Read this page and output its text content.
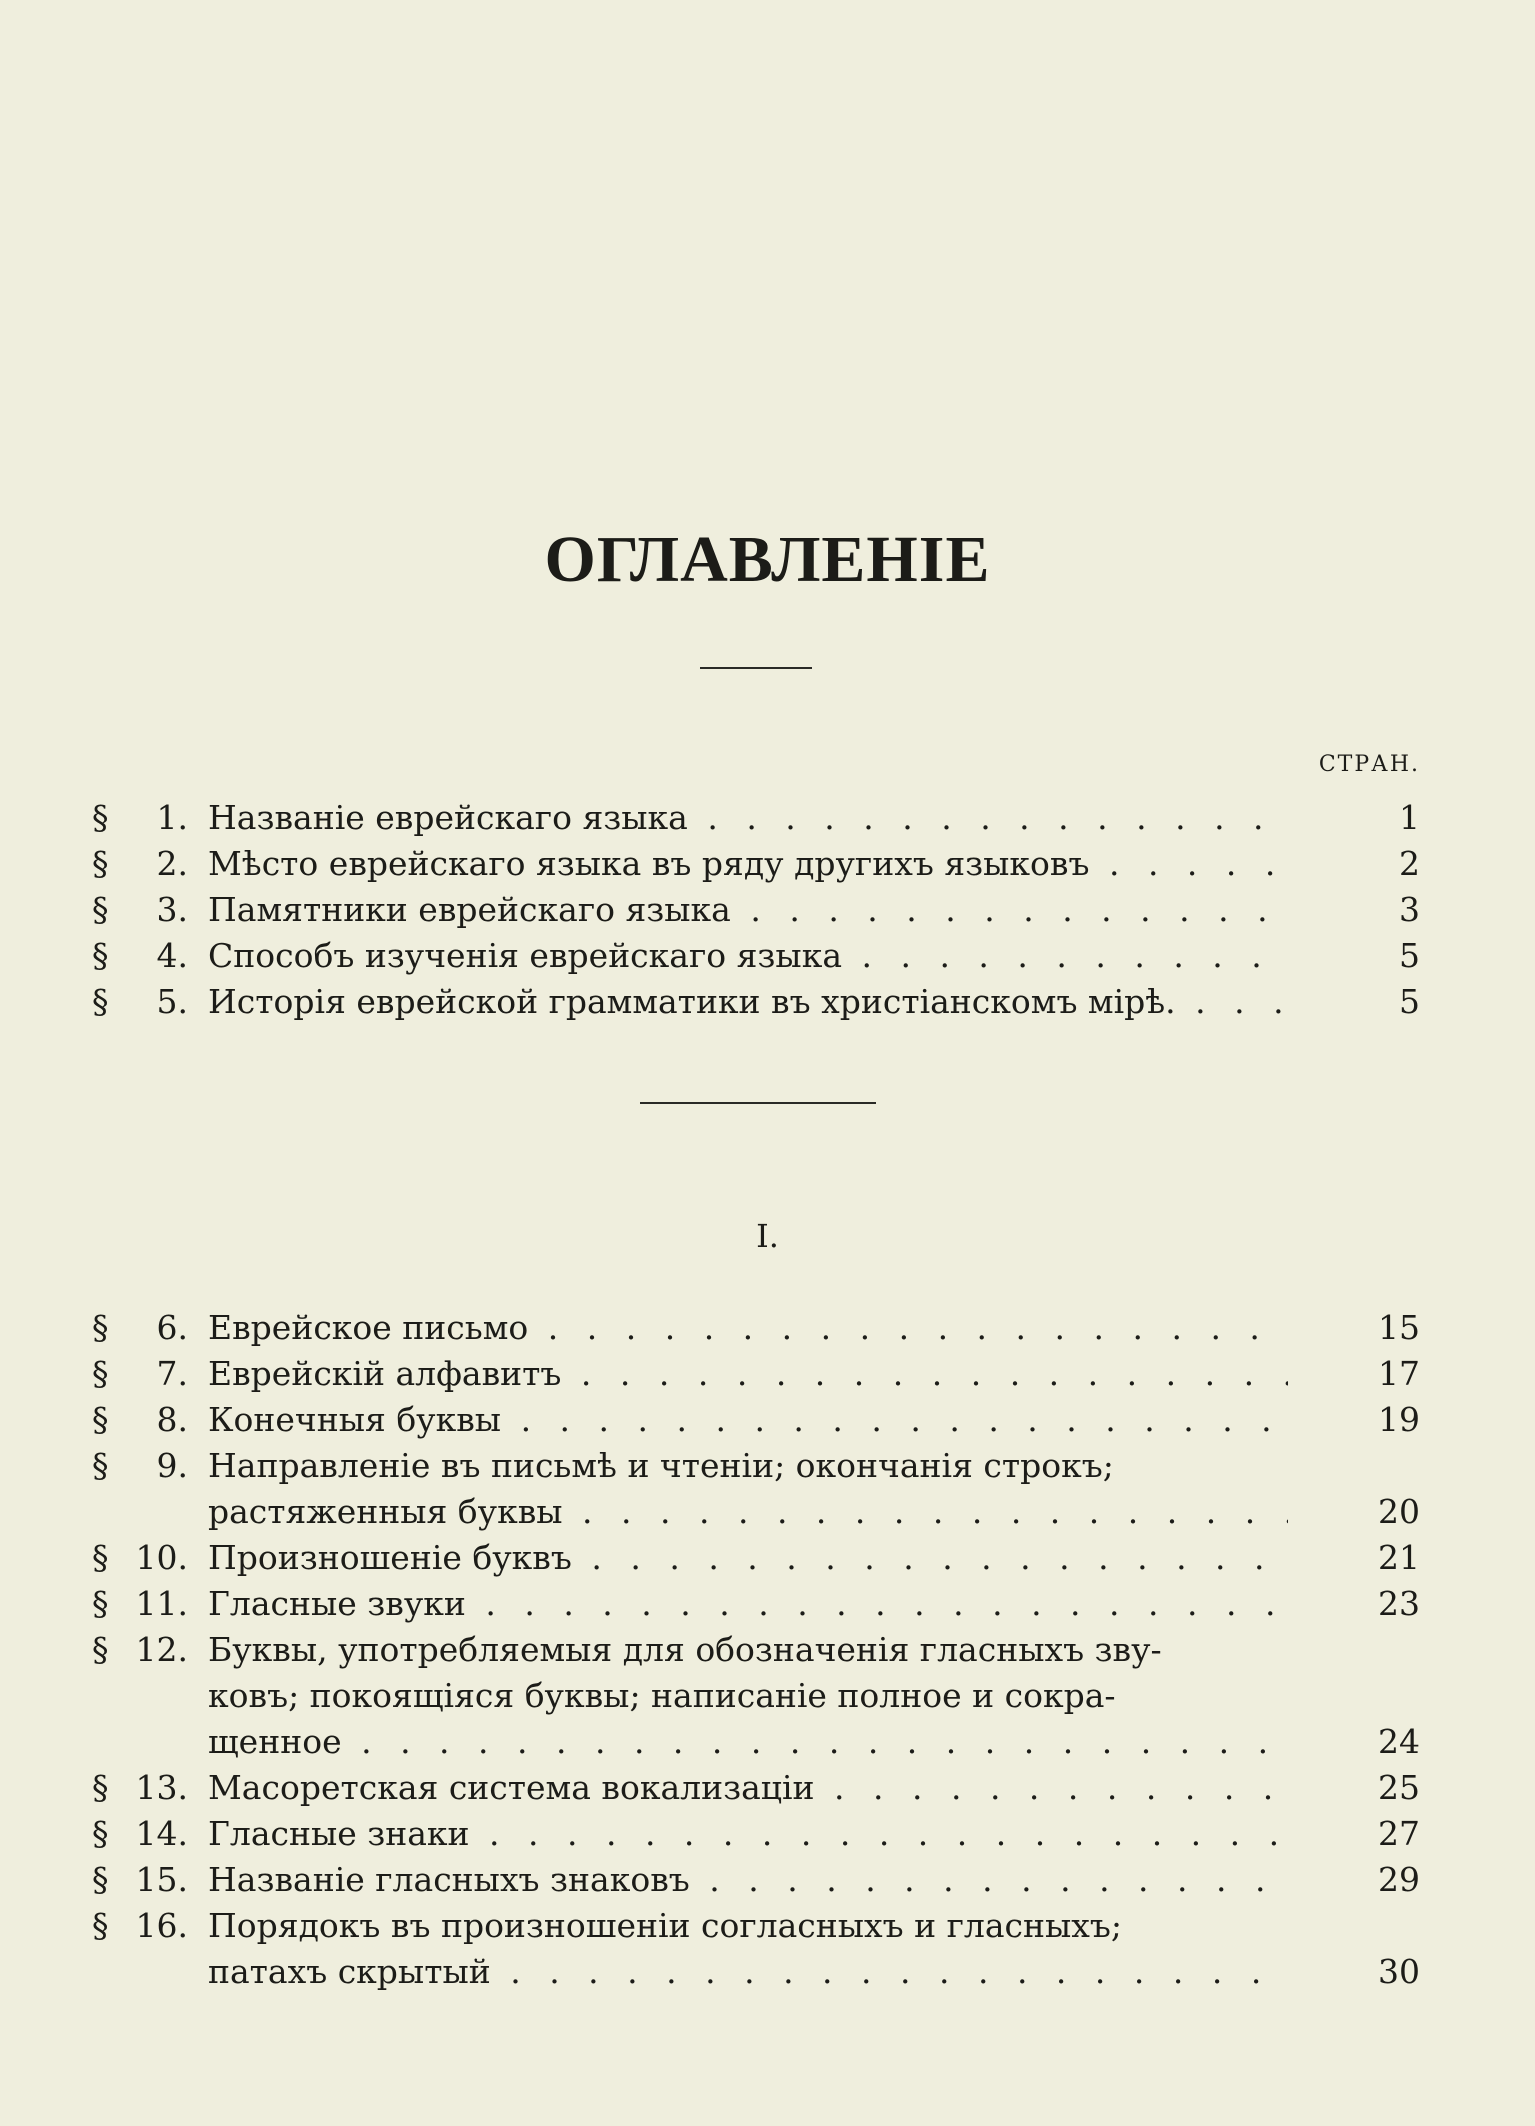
ОГЛАВЛЕНІЕ
СТРАН.
§	1. Названіе еврейскаго языка . . .	1
§	2. Мѣсто еврейскаго языка въ ряду другихъ языковъ . . .	2
§	3. Памятники еврейскаго языка . . .	3
§	4. Способъ изученія еврейскаго языка . . .	5
§	5. Исторія еврейской грамматики въ христіанскомъ мірѣ. . . .	5
I.
§	6. Еврейское письмо . . .	15
§	7. Еврейскій алфавитъ . . .	17
§	8. Конечныя буквы . . .	19
§	9. Направленіе въ письмѣ и чтеніи; окончанія строкъ;
растяженныя буквы . . .	20
§ 10. Произношеніе буквъ . . .	21
§ 11. Гласные звуки . . .	23
§ 12. Буквы, употребляемыя для обозначенія гласныхъ зву-
ковъ; покоящіяся буквы; написаніе полное и сокра-
щенное . . .	24
§ 13. Масоретская система вокализаціи . . .	25
§ 14. Гласные знаки . . .	27
§ 15. Названіе гласныхъ знаковъ . . .	29
§ 16. Порядокъ въ произношеніи согласныхъ и гласныхъ;
патахъ скрытый . . .	30
